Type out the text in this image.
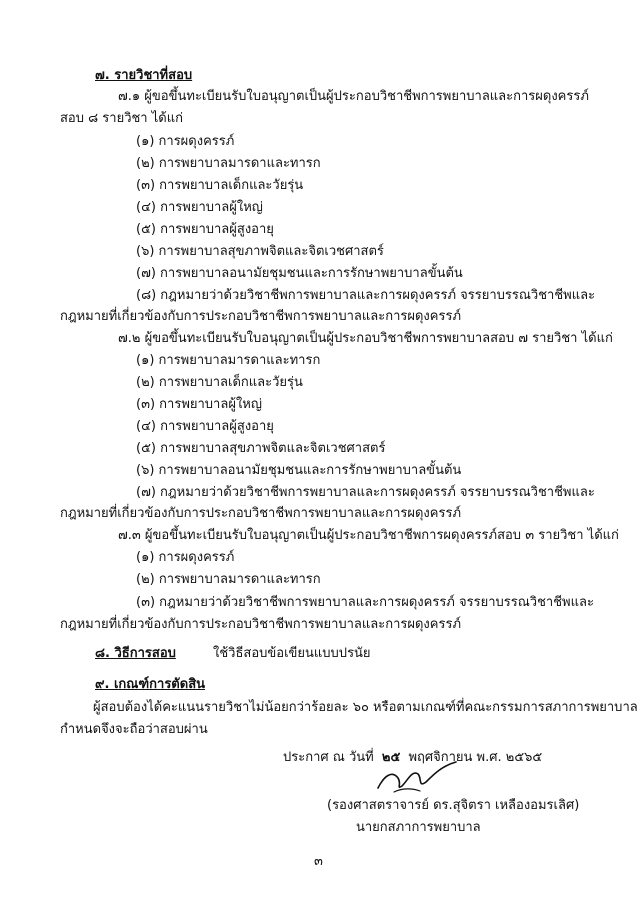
๗. รายวิชาที่สอบ
๗.๑ ผู้ขอขึ้นทะเบียนรับใบอนุญาตเป็นผู้ประกอบวิชาชีพการพยาบาลและการผดุงครรภ์
สอบ ๘ รายวิชา ได้แก่
(๑) การผดุงครรภ์
(๒) การพยาบาลมารดาและทารก
(๓) การพยาบาลเด็กและวัยรุ่น
(๔) การพยาบาลผู้ใหญ่
(๕) การพยาบาลผู้สูงอายุ
(๖) การพยาบาลสุขภาพจิตและจิตเวชศาสตร์
(๗) การพยาบาลอนามัยชุมชนและการรักษาพยาบาลขั้นต้น
(๘) กฎหมายว่าด้วยวิชาชีพการพยาบาลและการผดุงครรภ์ จรรยาบรรณวิชาชีพและ
กฎหมายที่เกี่ยวข้องกับการประกอบวิชาชีพการพยาบาลและการผดุงครรภ์
๗.๒ ผู้ขอขึ้นทะเบียนรับใบอนุญาตเป็นผู้ประกอบวิชาชีพการพยาบาลสอบ ๗ รายวิชา ได้แก่
(๑) การพยาบาลมารดาและทารก
(๒) การพยาบาลเด็กและวัยรุ่น
(๓) การพยาบาลผู้ใหญ่
(๔) การพยาบาลผู้สูงอายุ
(๕) การพยาบาลสุขภาพจิตและจิตเวชศาสตร์
(๖) การพยาบาลอนามัยชุมชนและการรักษาพยาบาลขั้นต้น
(๗) กฎหมายว่าด้วยวิชาชีพการพยาบาลและการผดุงครรภ์ จรรยาบรรณวิชาชีพและ
กฎหมายที่เกี่ยวข้องกับการประกอบวิชาชีพการพยาบาลและการผดุงครรภ์
๗.๓ ผู้ขอขึ้นทะเบียนรับใบอนุญาตเป็นผู้ประกอบวิชาชีพการผดุงครรภ์สอบ ๓ รายวิชา ได้แก่
(๑) การผดุงครรภ์
(๒) การพยาบาลมารดาและทารก
(๓) กฎหมายว่าด้วยวิชาชีพการพยาบาลและการผดุงครรภ์ จรรยาบรรณวิชาชีพและ
กฎหมายที่เกี่ยวข้องกับการประกอบวิชาชีพการพยาบาลและการผดุงครรภ์
๘. วิธีการสอบ	ใช้วิธีสอบข้อเขียนแบบปรนัย
๙. เกณฑ์การตัดสิน
ผู้สอบต้องได้คะแนนรายวิชาไม่น้อยกว่าร้อยละ ๖๐ หรือตามเกณฑ์ที่คณะกรรมการสภาการพยาบาล
กำหนดจึงจะถือว่าสอบผ่าน
ประกาศ ณ วันที่ ๒๕ พฤศจิกายน พ.ศ. ๒๕๖๕
(รองศาสตราจารย์ ดร.สุจิตรา เหลืองอมรเลิศ)
นายกสภาการพยาบาล
๓
